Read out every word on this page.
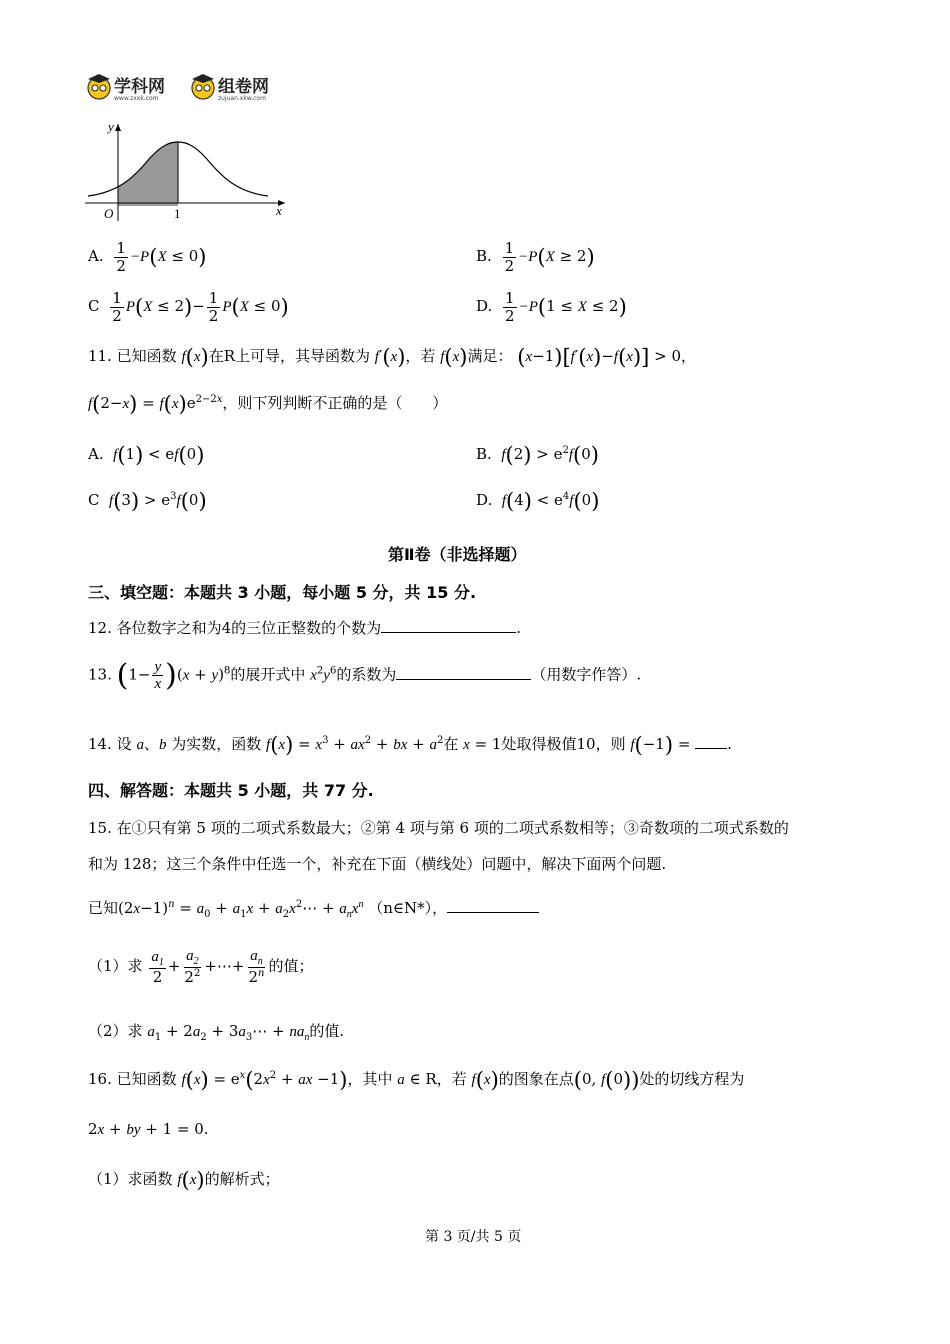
学科网
www.zxxk.com
组卷网
zujuan.xkw.com
y
x
O	1
A. $\frac{1}{2} -P(X \le 0)$	B. $\frac{1}{2} -P(X \ge 2)$
C $\frac{1}{2} P(X \le 2)- \frac{1}{2} P(X \le 0)$	D. $\frac{1}{2} -P(1 \le X \le 2)$
11. 已知函数 f(x)在R上可导，其导函数为 f′(x)，若 f(x)满足： (x−1)[f′(x)−f(x)] > 0，
$f(2-x) = f(x)e^{2-2x}$，则下列判断不正确的是（　　）
A. f(1) < ef(0)	B. $f(2) > e^2f(0)$
C $f(3) > e^3f(0)$	D. $f(4) < e^4f(0)$
第Ⅱ卷（非选择题）
三、填空题：本题共 3 小题，每小题 5 分，共 15 分.
12. 各位数字之和为4的三位正整数的个数为	.
13. $(1- \frac{y}{x} )(x + y)^8$的展开式中 $x^2y^6$的系数为	（用数字作答）.
14. 设 a、b 为实数，函数 $f(x) = x^3 + ax^2$ + bx + $a^2$在 x = 1处取得极值10，则 f(−1) = .
四、解答题：本题共 5 小题，共 77 分.
15. 在①只有第 5 项的二项式系数最大；②第 4 项与第 6 项的二项式系数相等；③奇数项的二项式系数的
和为 128；这三个条件中任选一个，补充在下面（横线处）问题中，解决下面两个问题.
已知$(2x-1)^n = a_0 + a_1x$ + $a_2x^2\cdots + a_nx^n$ （n∈N*），
（1）求 $\frac{a_1}{2} + \frac{a_2}{2^2}$ +⋯+ $\frac{a_n}{2^n}$ 的值；
（2）求 $a_1 + 2a_2$ + $3a_3\cdots + na_n$的值.
16. 已知函数 $f(x) = e^x(2x^2$ + ax −1)，其中 a ∈ R，若 f(x)的图象在点(0, f(0))处的切线方程为
2x + by + 1 = 0.
（1）求函数 f(x)的解析式；
第 3 页/共 5 页
